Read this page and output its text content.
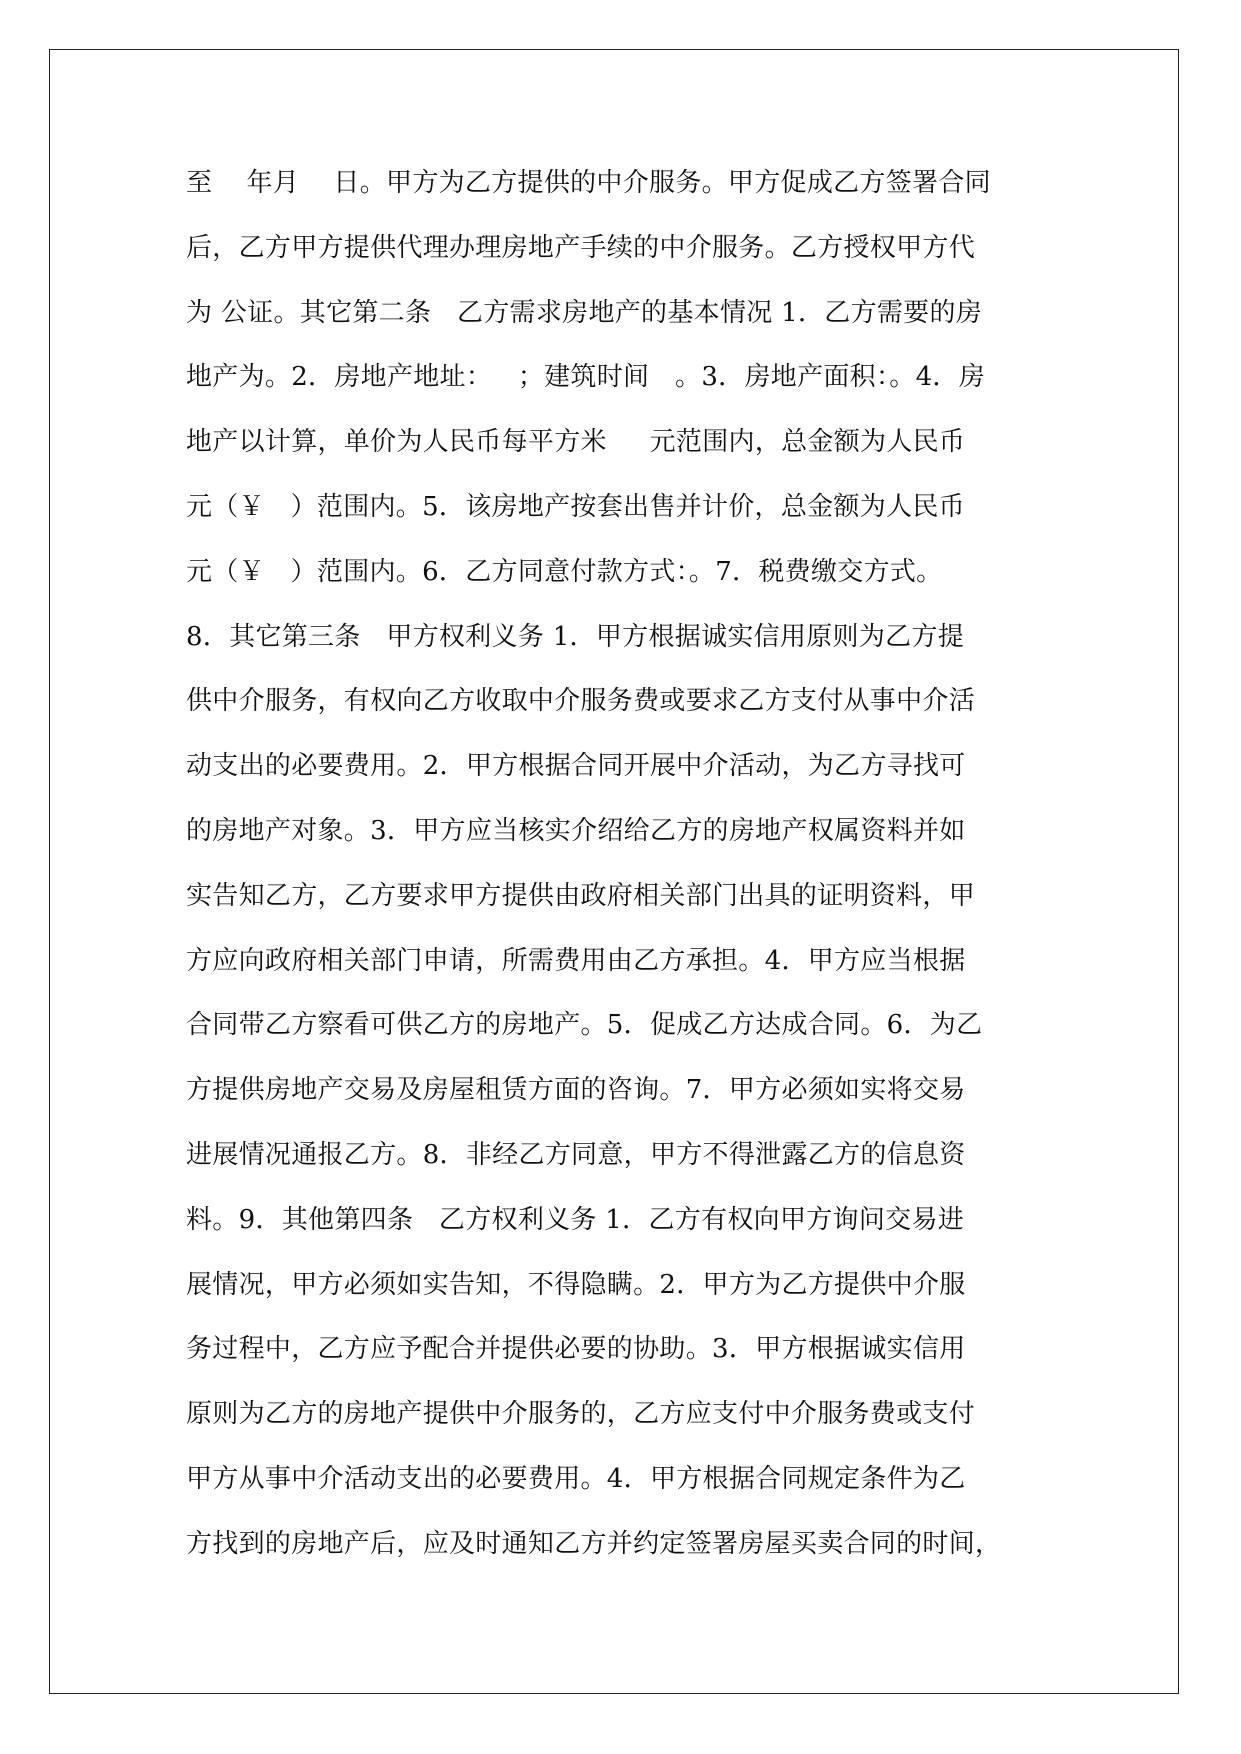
至    年月    日。甲方为乙方提供的中介服务。甲方促成乙方签署合同
后，乙方甲方提供代理办理房地产手续的中介服务。乙方授权甲方代
为 公证。其它第二条   乙方需求房地产的基本情况 1．乙方需要的房
地产为。2．房地产地址：   ；建筑时间   。3．房地产面积：。4．房
地产以计算，单价为人民币每平方米     元范围内，总金额为人民币
元（￥   ）范围内。5．该房地产按套出售并计价，总金额为人民币
元（￥   ）范围内。6．乙方同意付款方式：。7．税费缴交方式。
8．其它第三条   甲方权利义务 1．甲方根据诚实信用原则为乙方提
供中介服务，有权向乙方收取中介服务费或要求乙方支付从事中介活
动支出的必要费用。2．甲方根据合同开展中介活动，为乙方寻找可
的房地产对象。3．甲方应当核实介绍给乙方的房地产权属资料并如
实告知乙方，乙方要求甲方提供由政府相关部门出具的证明资料，甲
方应向政府相关部门申请，所需费用由乙方承担。4．甲方应当根据
合同带乙方察看可供乙方的房地产。5．促成乙方达成合同。6．为乙
方提供房地产交易及房屋租赁方面的咨询。7．甲方必须如实将交易
进展情况通报乙方。8．非经乙方同意，甲方不得泄露乙方的信息资
料。9．其他第四条   乙方权利义务 1．乙方有权向甲方询问交易进
展情况，甲方必须如实告知，不得隐瞒。2．甲方为乙方提供中介服
务过程中，乙方应予配合并提供必要的协助。3．甲方根据诚实信用
原则为乙方的房地产提供中介服务的，乙方应支付中介服务费或支付
甲方从事中介活动支出的必要费用。4．甲方根据合同规定条件为乙
方找到的房地产后，应及时通知乙方并约定签署房屋买卖合同的时间，
